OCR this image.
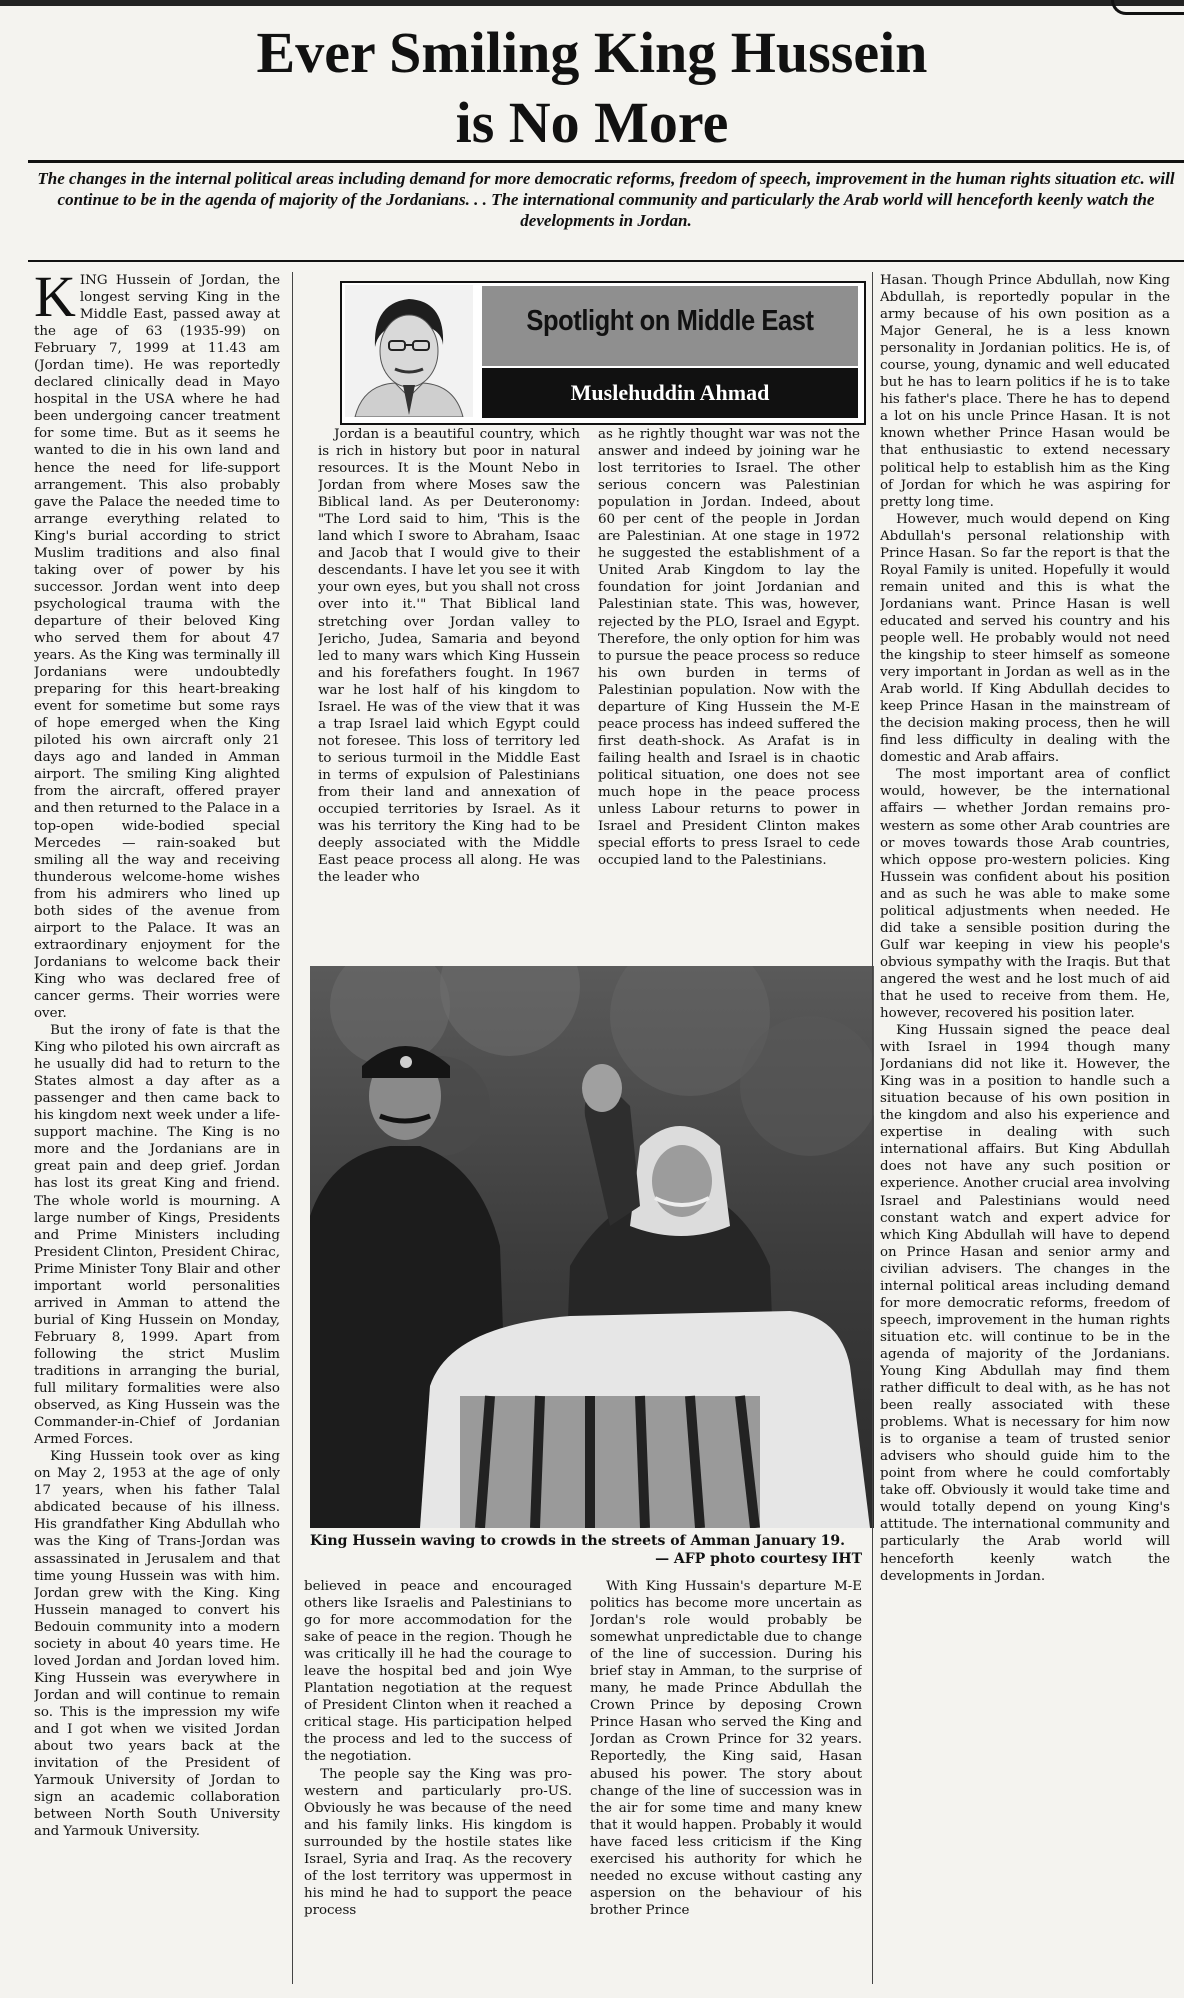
Ever Smiling King Hussein
is No More

The changes in the internal political areas including demand for more democratic reforms, freedom of speech, improvement in the human rights situation etc. will continue to be in the agenda of majority of the Jordanians. . . The international community and particularly the Arab world will henceforth keenly watch the developments in Jordan.

KING Hussein of Jordan, the longest serving King in the Middle East, passed away at the age of 63 (1935-99) on February 7, 1999 at 11.43 am (Jordan time). He was reportedly declared clinically dead in Mayo hospital in the USA where he had been undergoing cancer treatment for some time. But as it seems he wanted to die in his own land and hence the need for life-support arrangement. This also probably gave the Palace the needed time to arrange everything related to King's burial according to strict Muslim traditions and also final taking over of power by his successor. Jordan went into deep psychological trauma with the departure of their beloved King who served them for about 47 years. As the King was terminally ill Jordanians were undoubtedly preparing for this heart-breaking event for sometime but some rays of hope emerged when the King piloted his own aircraft only 21 days ago and landed in Amman airport. The smiling King alighted from the aircraft, offered prayer and then returned to the Palace in a top-open wide-bodied special Mercedes — rain-soaked but smiling all the way and receiving thunderous welcome-home wishes from his admirers who lined up both sides of the avenue from airport to the Palace. It was an extraordinary enjoyment for the Jordanians to welcome back their King who was declared free of cancer germs. Their worries were over.

But the irony of fate is that the King who piloted his own aircraft as he usually did had to return to the States almost a day after as a passenger and then came back to his kingdom next week under a life-support machine. The King is no more and the Jordanians are in great pain and deep grief. Jordan has lost its great King and friend. The whole world is mourning. A large number of Kings, Presidents and Prime Ministers including President Clinton, President Chirac, Prime Minister Tony Blair and other important world personalities arrived in Amman to attend the burial of King Hussein on Monday, February 8, 1999. Apart from following the strict Muslim traditions in arranging the burial, full military formalities were also observed, as King Hussein was the Commander-in-Chief of Jordanian Armed Forces.

King Hussein took over as king on May 2, 1953 at the age of only 17 years, when his father Talal abdicated because of his illness. His grandfather King Abdullah who was the King of Trans-Jordan was assassinated in Jerusalem and that time young Hussein was with him. Jordan grew with the King. King Hussein managed to convert his Bedouin community into a modern society in about 40 years time. He loved Jordan and Jordan loved him. King Hussein was everywhere in Jordan and will continue to remain so. This is the impression my wife and I got when we visited Jordan about two years back at the invitation of the President of Yarmouk University of Jordan to sign an academic collaboration between North South University and Yarmouk University.

Spotlight on Middle East
Muslehuddin Ahmad

Jordan is a beautiful country, which is rich in history but poor in natural resources. It is the Mount Nebo in Jordan from where Moses saw the Biblical land. As per Deuteronomy: "The Lord said to him, 'This is the land which I swore to Abraham, Isaac and Jacob that I would give to their descendants. I have let you see it with your own eyes, but you shall not cross over into it.'" That Biblical land stretching over Jordan valley to Jericho, Judea, Samaria and beyond led to many wars which King Hussein and his forefathers fought. In 1967 war he lost half of his kingdom to Israel. He was of the view that it was a trap Israel laid which Egypt could not foresee. This loss of territory led to serious turmoil in the Middle East in terms of expulsion of Palestinians from their land and annexation of occupied territories by Israel. As it was his territory the King had to be deeply associated with the Middle East peace process all along. He was the leader who

as he rightly thought war was not the answer and indeed by joining war he lost territories to Israel. The other serious concern was Palestinian population in Jordan. Indeed, about 60 per cent of the people in Jordan are Palestinian. At one stage in 1972 he suggested the establishment of a United Arab Kingdom to lay the foundation for joint Jordanian and Palestinian state. This was, however, rejected by the PLO, Israel and Egypt. Therefore, the only option for him was to pursue the peace process so reduce his own burden in terms of Palestinian population. Now with the departure of King Hussein the M-E peace process has indeed suffered the first death-shock. As Arafat is in failing health and Israel is in chaotic political situation, one does not see much hope in the peace process unless Labour returns to power in Israel and President Clinton makes special efforts to press Israel to cede occupied land to the Palestinians.

King Hussein waving to crowds in the streets of Amman January 19.
— AFP photo courtesy IHT

believed in peace and encouraged others like Israelis and Palestinians to go for more accommodation for the sake of peace in the region. Though he was critically ill he had the courage to leave the hospital bed and join Wye Plantation negotiation at the request of President Clinton when it reached a critical stage. His participation helped the process and led to the success of the negotiation.

The people say the King was pro-western and particularly pro-US. Obviously he was because of the need and his family links. His kingdom is surrounded by the hostile states like Israel, Syria and Iraq. As the recovery of the lost territory was uppermost in his mind he had to support the peace process

With King Hussain's departure M-E politics has become more uncertain as Jordan's role would probably be somewhat unpredictable due to change of the line of succession. During his brief stay in Amman, to the surprise of many, he made Prince Abdullah the Crown Prince by deposing Crown Prince Hasan who served the King and Jordan as Crown Prince for 32 years. Reportedly, the King said, Hasan abused his power. The story about change of the line of succession was in the air for some time and many knew that it would happen. Probably it would have faced less criticism if the King exercised his authority for which he needed no excuse without casting any aspersion on the behaviour of his brother Prince

Hasan. Though Prince Abdullah, now King Abdullah, is reportedly popular in the army because of his own position as a Major General, he is a less known personality in Jordanian politics. He is, of course, young, dynamic and well educated but he has to learn politics if he is to take his father's place. There he has to depend a lot on his uncle Prince Hasan. It is not known whether Prince Hasan would be that enthusiastic to extend necessary political help to establish him as the King of Jordan for which he was aspiring for pretty long time.

However, much would depend on King Abdullah's personal relationship with Prince Hasan. So far the report is that the Royal Family is united. Hopefully it would remain united and this is what the Jordanians want. Prince Hasan is well educated and served his country and his people well. He probably would not need the kingship to steer himself as someone very important in Jordan as well as in the Arab world. If King Abdullah decides to keep Prince Hasan in the mainstream of the decision making process, then he will find less difficulty in dealing with the domestic and Arab affairs.

The most important area of conflict would, however, be the international affairs — whether Jordan remains pro-western as some other Arab countries are or moves towards those Arab countries, which oppose pro-western policies. King Hussein was confident about his position and as such he was able to make some political adjustments when needed. He did take a sensible position during the Gulf war keeping in view his people's obvious sympathy with the Iraqis. But that angered the west and he lost much of aid that he used to receive from them. He, however, recovered his position later.

King Hussain signed the peace deal with Israel in 1994 though many Jordanians did not like it. However, the King was in a position to handle such a situation because of his own position in the kingdom and also his experience and expertise in dealing with such international affairs. But King Abdullah does not have any such position or experience. Another crucial area involving Israel and Palestinians would need constant watch and expert advice for which King Abdullah will have to depend on Prince Hasan and senior army and civilian advisers. The changes in the internal political areas including demand for more democratic reforms, freedom of speech, improvement in the human rights situation etc. will continue to be in the agenda of majority of the Jordanians. Young King Abdullah may find them rather difficult to deal with, as he has not been really associated with these problems. What is necessary for him now is to organise a team of trusted senior advisers who should guide him to the point from where he could comfortably take off. Obviously it would take time and would totally depend on young King's attitude. The international community and particularly the Arab world will henceforth keenly watch the developments in Jordan.
